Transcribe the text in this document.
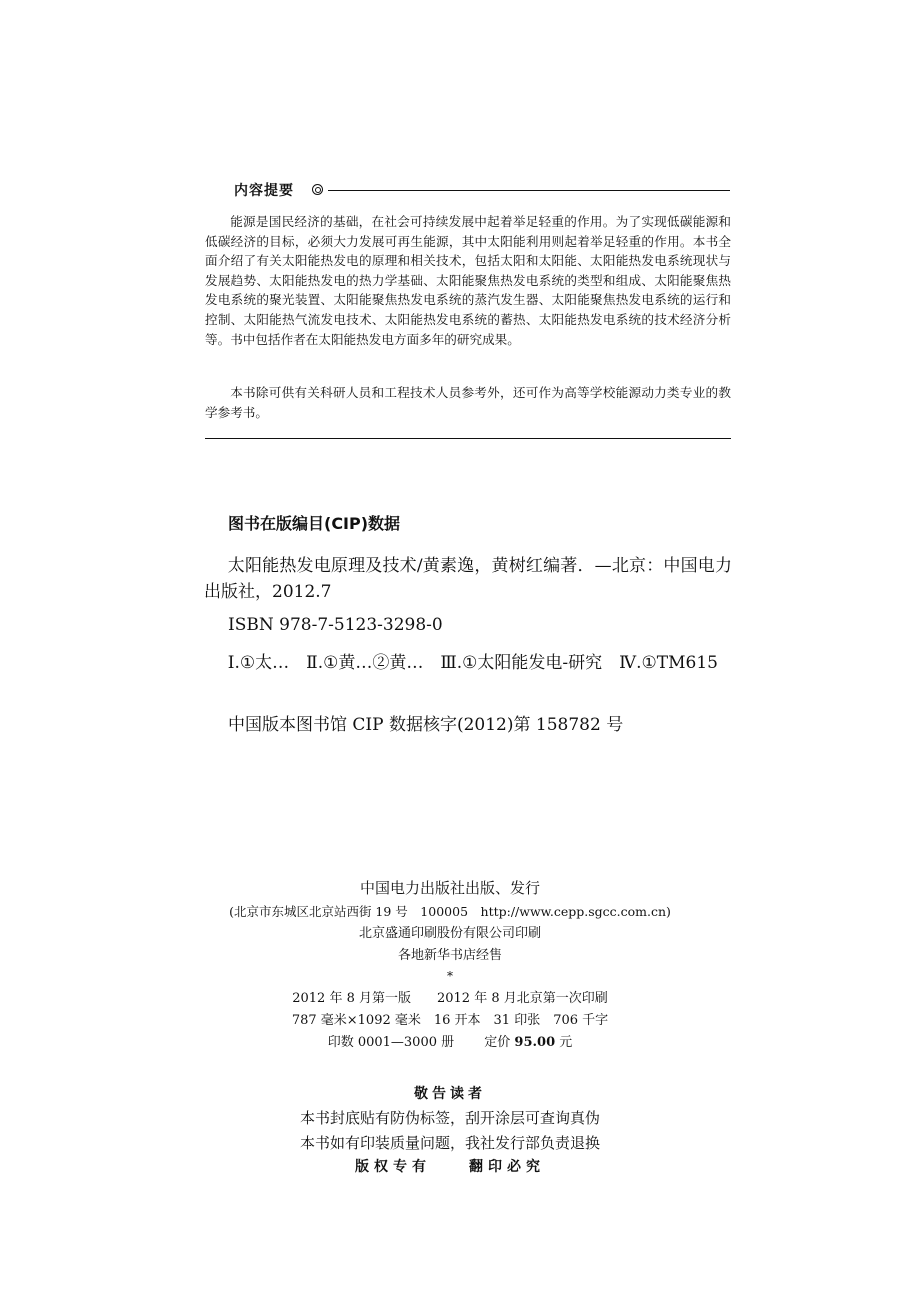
内容提要

能源是国民经济的基础，在社会可持续发展中起着举足轻重的作用。为了实现低碳能源和低碳经济的目标，必须大力发展可再生能源，其中太阳能利用则起着举足轻重的作用。本书全面介绍了有关太阳能热发电的原理和相关技术，包括太阳和太阳能、太阳能热发电系统现状与发展趋势、太阳能热发电的热力学基础、太阳能聚焦热发电系统的类型和组成、太阳能聚焦热发电系统的聚光装置、太阳能聚焦热发电系统的蒸汽发生器、太阳能聚焦热发电系统的运行和控制、太阳能热气流发电技术、太阳能热发电系统的蓄热、太阳能热发电系统的技术经济分析等。书中包括作者在太阳能热发电方面多年的研究成果。

本书除可供有关科研人员和工程技术人员参考外，还可作为高等学校能源动力类专业的教学参考书。

图书在版编目(CIP)数据

太阳能热发电原理及技术/黄素逸，黄树红编著．—北京：中国电力出版社，2012.7

ISBN 978-7-5123-3298-0

Ⅰ.①太…　Ⅱ.①黄…②黄…　Ⅲ.①太阳能发电-研究　Ⅳ.①TM615

中国版本图书馆 CIP 数据核字(2012)第 158782 号

中国电力出版社出版、发行
(北京市东城区北京站西街 19 号　100005　http://www.cepp.sgcc.com.cn)
北京盛通印刷股份有限公司印刷
各地新华书店经售
*
2012 年 8 月第一版　　2012 年 8 月北京第一次印刷
787 毫米×1092 毫米　16 开本　31 印张　706 千字
印数 0001—3000 册　　 定价 95.00 元
敬告读者
本书封底贴有防伪标签，刮开涂层可查询真伪
本书如有印装质量问题，我社发行部负责退换
版权专有　　翻印必究
